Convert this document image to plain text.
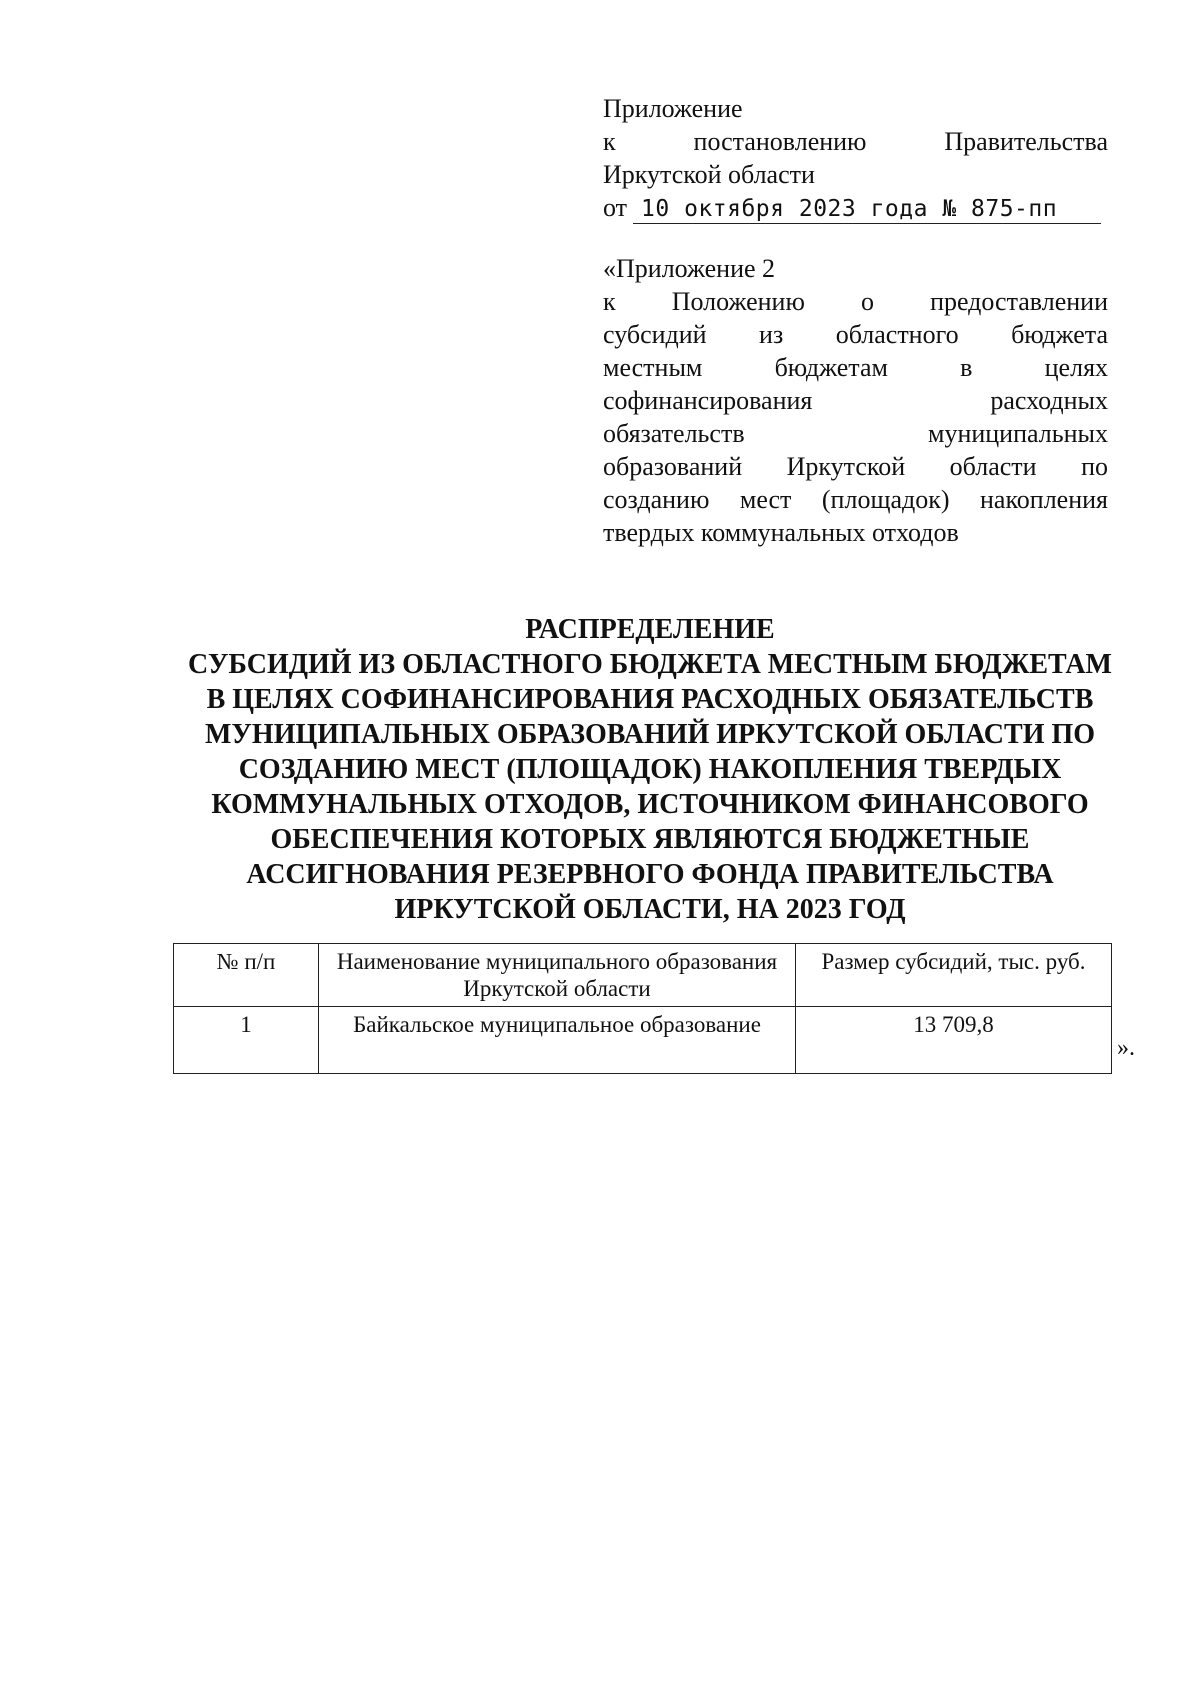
Приложение
к	постановлению	Правительства
Иркутской области
от 10 октября 2023 года № 875-пп
«Приложение 2
к Положению о предоставлении
субсидий из областного бюджета
местным	бюджетам	в	целях
софинансирования	расходных
обязательств	муниципальных
образований Иркутской области по
созданию мест (площадок) накопления
твердых коммунальных отходов
РАСПРЕДЕЛЕНИЕ
СУБСИДИЙ ИЗ ОБЛАСТНОГО БЮДЖЕТА МЕСТНЫМ БЮДЖЕТАМ
В ЦЕЛЯХ СОФИНАНСИРОВАНИЯ РАСХОДНЫХ ОБЯЗАТЕЛЬСТВ
МУНИЦИПАЛЬНЫХ ОБРАЗОВАНИЙ ИРКУТСКОЙ ОБЛАСТИ ПО
СОЗДАНИЮ МЕСТ (ПЛОЩАДОК) НАКОПЛЕНИЯ ТВЕРДЫХ
КОММУНАЛЬНЫХ ОТХОДОВ, ИСТОЧНИКОМ ФИНАНСОВОГО
ОБЕСПЕЧЕНИЯ КОТОРЫХ ЯВЛЯЮТСЯ БЮДЖЕТНЫЕ
АССИГНОВАНИЯ РЕЗЕРВНОГО ФОНДА ПРАВИТЕЛЬСТВА
ИРКУТСКОЙ ОБЛАСТИ, НА 2023 ГОД
№ п/п	Наименование муниципального образования Иркутской области	Размер субсидий, тыс. руб.
1	Байкальское муниципальное образование	13 709,8
».
